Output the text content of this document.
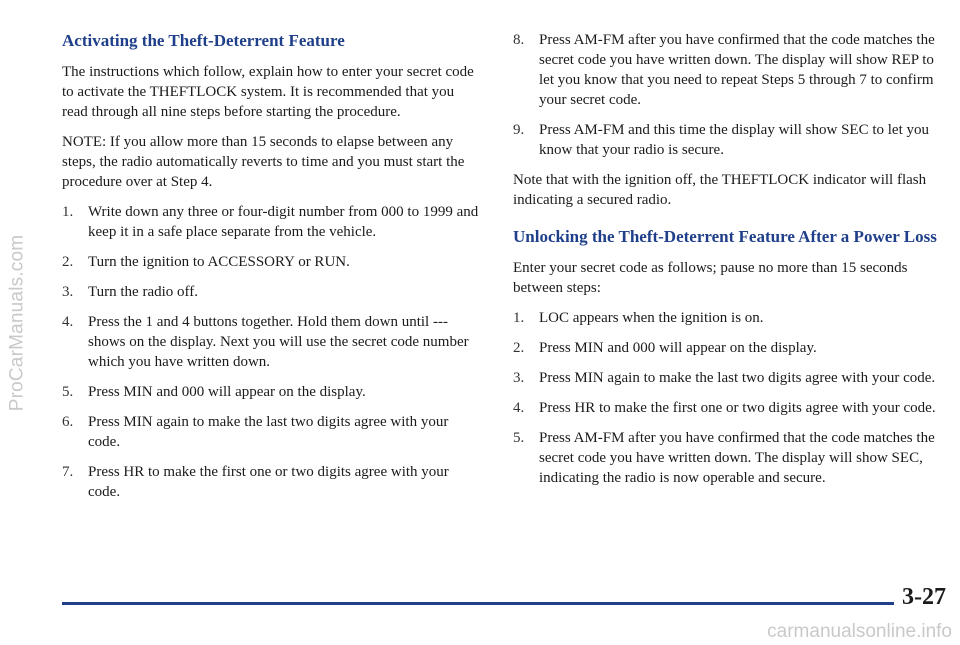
ProCarManuals.com
Activating the Theft-Deterrent Feature

The instructions which follow, explain how to enter your secret code to activate the THEFTLOCK system. It is recommended that you read through all nine steps before starting the procedure.

NOTE: If you allow more than 15 seconds to elapse between any steps, the radio automatically reverts to time and you must start the procedure over at Step 4.

1. Write down any three or four-digit number from 000 to 1999 and keep it in a safe place separate from the vehicle.
2. Turn the ignition to ACCESSORY or RUN.
3. Turn the radio off.
4. Press the 1 and 4 buttons together. Hold them down until --- shows on the display. Next you will use the secret code number which you have written down.
5. Press MIN and 000 will appear on the display.
6. Press MIN again to make the last two digits agree with your code.
7. Press HR to make the first one or two digits agree with your code.
8. Press AM-FM after you have confirmed that the code matches the secret code you have written down. The display will show REP to let you know that you need to repeat Steps 5 through 7 to confirm your secret code.
9. Press AM-FM and this time the display will show SEC to let you know that your radio is secure.

Note that with the ignition off, the THEFTLOCK indicator will flash indicating a secured radio.

Unlocking the Theft-Deterrent Feature After a Power Loss

Enter your secret code as follows; pause no more than 15 seconds between steps:

1. LOC appears when the ignition is on.
2. Press MIN and 000 will appear on the display.
3. Press MIN again to make the last two digits agree with your code.
4. Press HR to make the first one or two digits agree with your code.
5. Press AM-FM after you have confirmed that the code matches the secret code you have written down. The display will show SEC, indicating the radio is now operable and secure.
3-27
carmanualsonline.info
